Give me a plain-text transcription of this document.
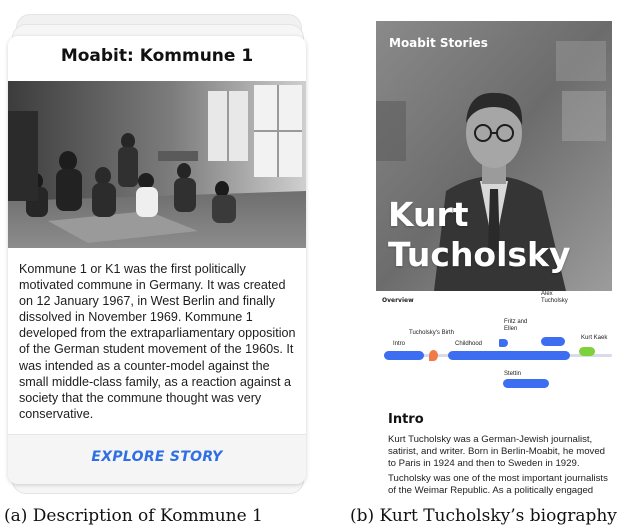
Moabit: Kommune 1
Kommune 1 or K1 was the first politically motivated commune in Germany. It was created on 12 January 1967, in West Berlin and finally dissolved in November 1969. Kommune 1 developed from the extraparliamentary opposition of the German student movement of the 1960s. It was intended as a counter-model against the small middle-class family, as a reaction against a society that the commune thought was very conservative.
EXPLORE STORY
Moabit Stories
Kurt
Tucholsky
Overview
Fritz and
Ellen
Alex
Tucholsky
Tucholsky's Birth
Kurt Kaek
Intro	Childhood
Stettin
Intro
Kurt Tucholsky was a German-Jewish journalist, satirist, and writer. Born in Berlin-Moabit, he moved to Paris in 1924 and then to Sweden in 1929.
Tucholsky was one of the most important journalists of the Weimar Republic. As a politically engaged
(a) Description of Kommune 1	(b) Kurt Tucholsky’s biography
